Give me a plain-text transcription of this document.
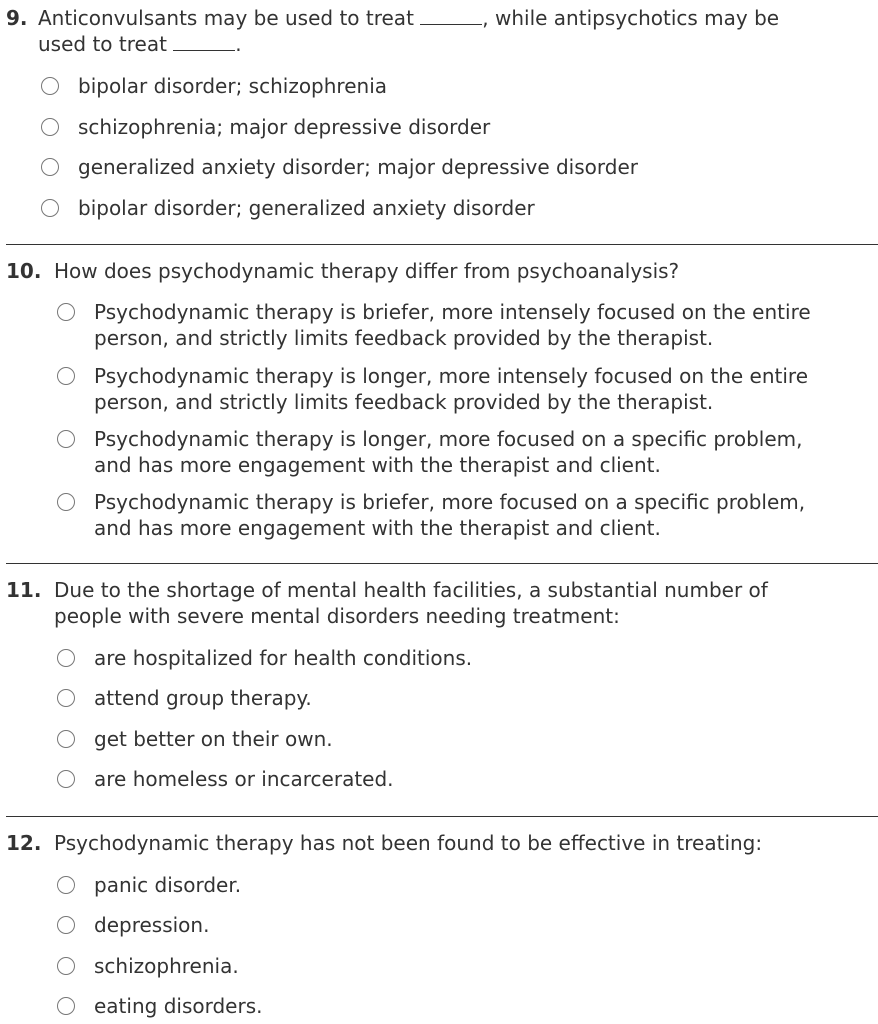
9. Anticonvulsants may be used to treat	, while antipsychotics may be
used to treat	.
bipolar disorder; schizophrenia
schizophrenia; major depressive disorder
generalized anxiety disorder; major depressive disorder
bipolar disorder; generalized anxiety disorder
10. How does psychodynamic therapy differ from psychoanalysis?
Psychodynamic therapy is briefer, more intensely focused on the entire
person, and strictly limits feedback provided by the therapist.
Psychodynamic therapy is longer, more intensely focused on the entire
person, and strictly limits feedback provided by the therapist.
Psychodynamic therapy is longer, more focused on a specific problem,
and has more engagement with the therapist and client.
Psychodynamic therapy is briefer, more focused on a specific problem,
and has more engagement with the therapist and client.
11. Due to the shortage of mental health facilities, a substantial number of
people with severe mental disorders needing treatment:
are hospitalized for health conditions.
attend group therapy.
get better on their own.
are homeless or incarcerated.
12. Psychodynamic therapy has not been found to be effective in treating:
panic disorder.
depression.
schizophrenia.
eating disorders.
